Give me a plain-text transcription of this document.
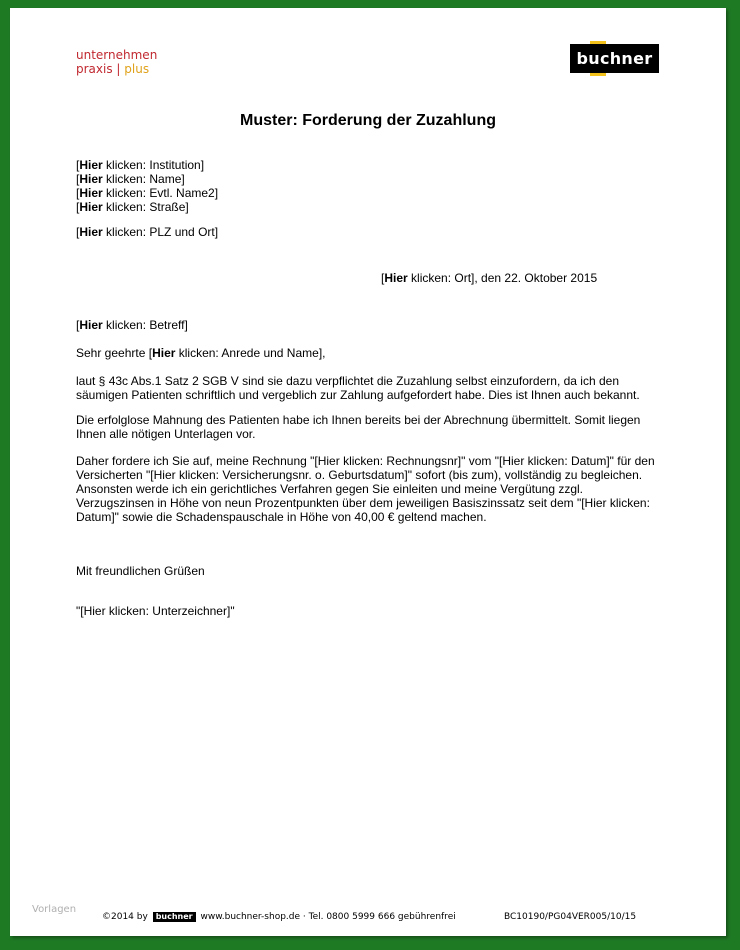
unternehmen
praxis | plus
buchner
Muster: Forderung der Zuzahlung
[Hier klicken: Institution]
[Hier klicken: Name]
[Hier klicken: Evtl. Name2]
[Hier klicken: Straße]
[Hier klicken: PLZ und Ort]
[Hier klicken: Ort], den 22. Oktober 2015
[Hier klicken: Betreff]
Sehr geehrte [Hier klicken: Anrede und Name],
laut § 43c Abs.1 Satz 2 SGB V sind sie dazu verpflichtet die Zuzahlung selbst einzufordern, da ich den säumigen Patienten schriftlich und vergeblich zur Zahlung aufgefordert habe. Dies ist Ihnen auch bekannt.
Die erfolglose Mahnung des Patienten habe ich Ihnen bereits bei der Abrechnung übermittelt. Somit liegen Ihnen alle nötigen Unterlagen vor.
Daher fordere ich Sie auf, meine Rechnung "[Hier klicken: Rechnungsnr]" vom "[Hier klicken: Datum]" für den Versicherten "[Hier klicken: Versicherungsnr. o. Geburtsdatum]" sofort (bis zum), vollständig zu begleichen. Ansonsten werde ich ein gerichtliches Verfahren gegen Sie einleiten und meine Vergütung zzgl. Verzugszinsen in Höhe von neun Prozentpunkten über dem jeweiligen Basiszinssatz seit dem "[Hier klicken: Datum]" sowie die Schadenspauschale in Höhe von 40,00 € geltend machen.
Mit freundlichen Grüßen
"[Hier klicken: Unterzeichner]"
Vorlagen
©2014 by buchner www.buchner-shop.de · Tel. 0800 5999 666 gebührenfrei	BC10190/PG04VER005/10/15
